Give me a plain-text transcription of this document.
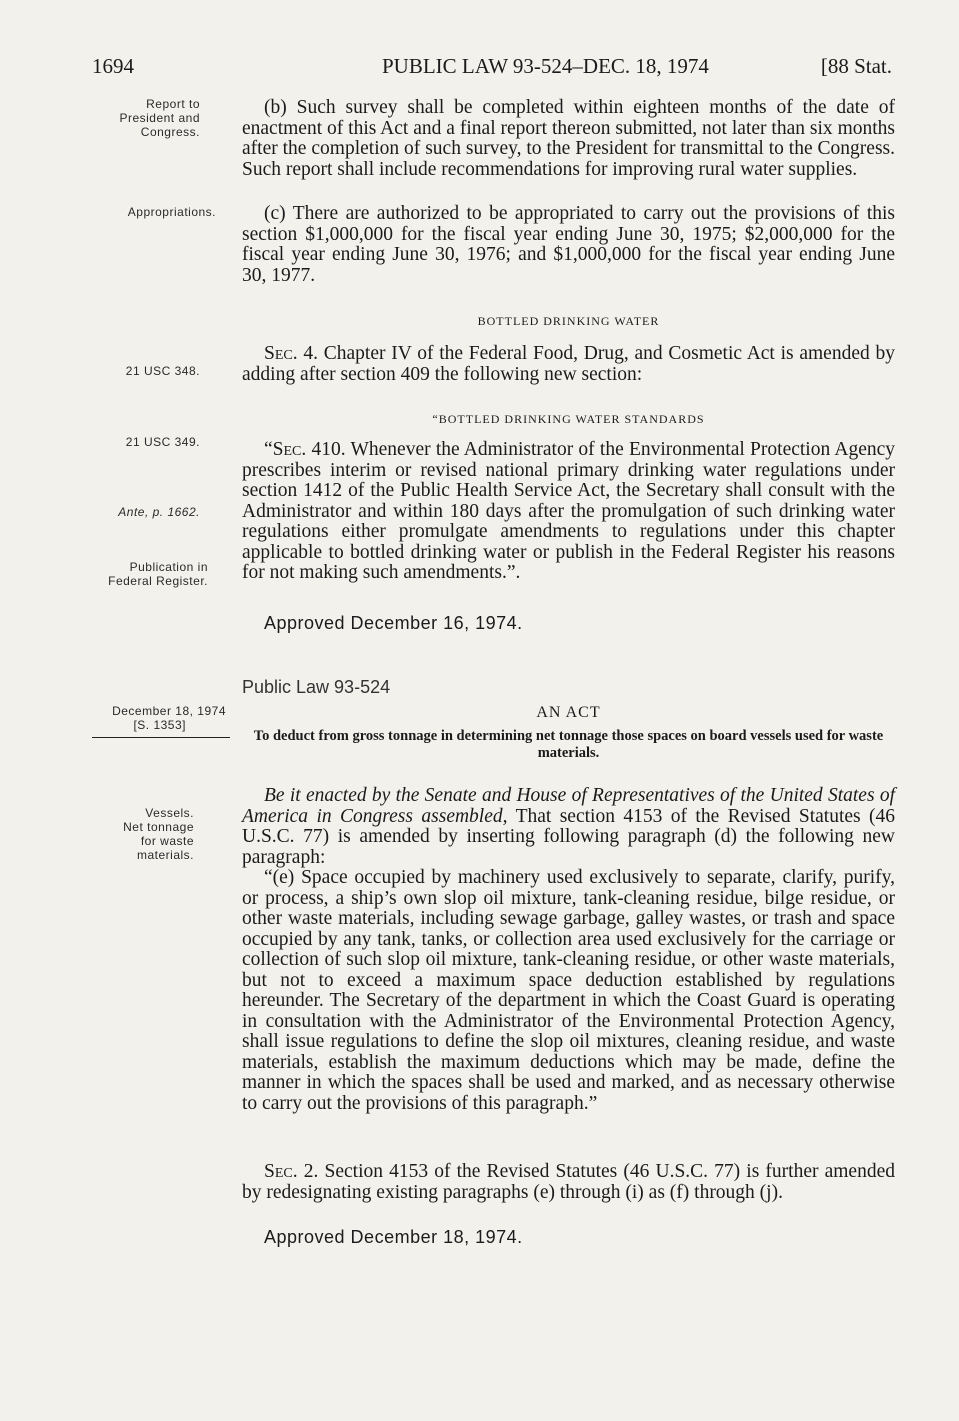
1694	PUBLIC LAW 93-524–DEC. 18, 1974	[88 Stat.
Report to
President and
Congress.
Appropriations.
21 USC 348.
21 USC 349.
Ante, p. 1662.
Publication in
Federal Register.
December 18, 1974
[S. 1353]
Vessels.
Net tonnage
for waste
materials.

(b) Such survey shall be completed within eighteen months of the date of enactment of this Act and a final report thereon submitted, not later than six months after the completion of such survey, to the President for transmittal to the Congress. Such report shall include recommendations for improving rural water supplies.

(c) There are authorized to be appropriated to carry out the provisions of this section $1,000,000 for the fiscal year ending June 30, 1975; $2,000,000 for the fiscal year ending June 30, 1976; and $1,000,000 for the fiscal year ending June 30, 1977.

BOTTLED DRINKING WATER

Sec. 4. Chapter IV of the Federal Food, Drug, and Cosmetic Act is amended by adding after section 409 the following new section:

“BOTTLED DRINKING WATER STANDARDS

“Sec. 410. Whenever the Administrator of the Environmental Protection Agency prescribes interim or revised national primary drinking water regulations under section 1412 of the Public Health Service Act, the Secretary shall consult with the Administrator and within 180 days after the promulgation of such drinking water regulations either promulgate amendments to regulations under this chapter applicable to bottled drinking water or publish in the Federal Register his reasons for not making such amendments.”.

Approved December 16, 1974.
Public Law 93-524
AN ACT
To deduct from gross tonnage in determining net tonnage those spaces on board vessels used for waste materials.

Be it enacted by the Senate and House of Representatives of the United States of America in Congress assembled, That section 4153 of the Revised Statutes (46 U.S.C. 77) is amended by inserting following paragraph (d) the following new paragraph:

“(e) Space occupied by machinery used exclusively to separate, clarify, purify, or process, a ship’s own slop oil mixture, tank-cleaning residue, bilge residue, or other waste materials, including sewage garbage, galley wastes, or trash and space occupied by any tank, tanks, or collection area used exclusively for the carriage or collection of such slop oil mixture, tank-cleaning residue, or other waste materials, but not to exceed a maximum space deduction established by regulations hereunder. The Secretary of the department in which the Coast Guard is operating in consultation with the Administrator of the Environmental Protection Agency, shall issue regulations to define the slop oil mixtures, cleaning residue, and waste materials, establish the maximum deductions which may be made, define the manner in which the spaces shall be used and marked, and as necessary otherwise to carry out the provisions of this paragraph.”

Sec. 2. Section 4153 of the Revised Statutes (46 U.S.C. 77) is further amended by redesignating existing paragraphs (e) through (i) as (f) through (j).

Approved December 18, 1974.
